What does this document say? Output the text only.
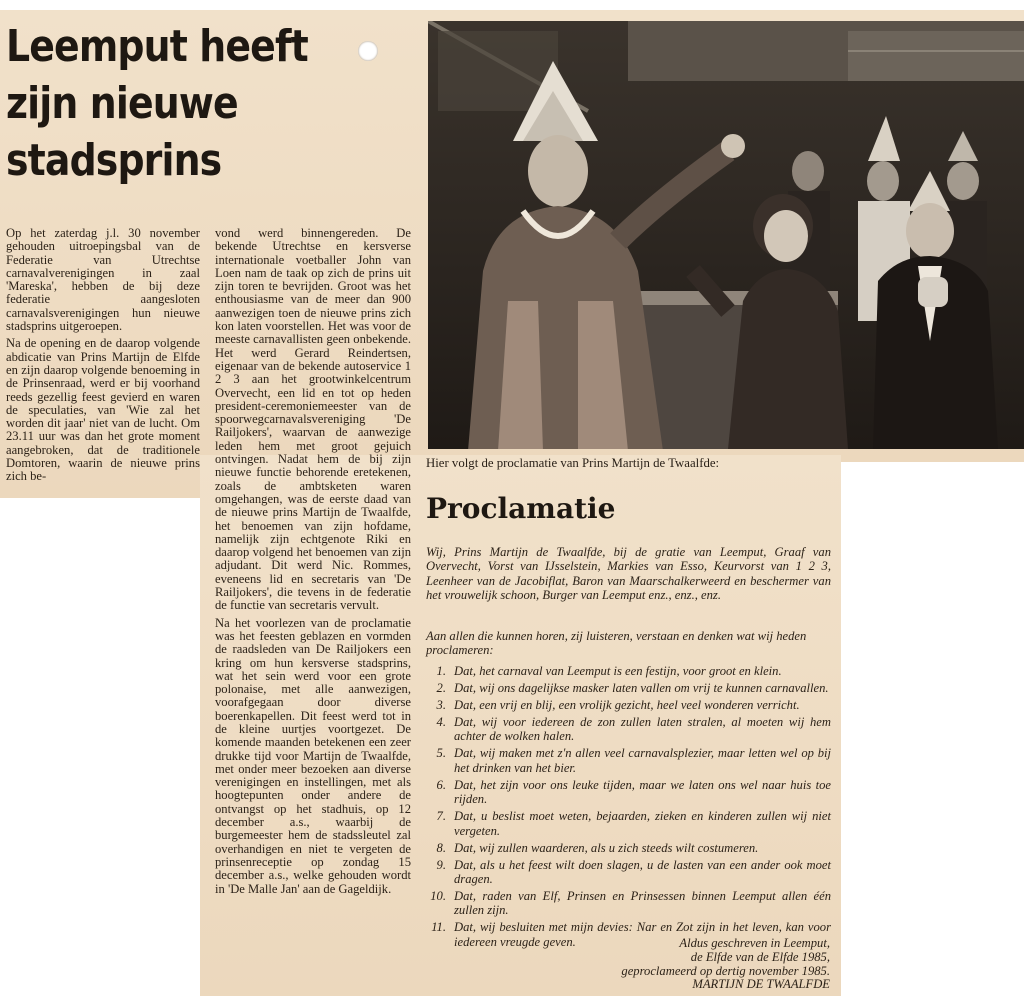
Leemput heeft
zijn nieuwe
stadsprins

Op het zaterdag j.l. 30 november gehouden uitroepingsbal van de Federatie van Utrechtse carnavalverenigingen in zaal 'Mareska', hebben de bij deze federatie aangesloten carnavalsverenigingen hun nieuwe stadsprins uitgeroepen.

Na de opening en de daarop volgende abdicatie van Prins Martijn de Elfde en zijn daarop volgende benoeming in de Prinsenraad, werd er bij voorhand reeds gezellig feest gevierd en waren de speculaties, van 'Wie zal het worden dit jaar' niet van de lucht. Om 23.11 uur was dan het grote moment aangebroken, dat de traditionele Domtoren, waarin de nieuwe prins zich be-

vond werd binnengereden. De bekende Utrechtse en kersverse internationale voetballer John van Loen nam de taak op zich de prins uit zijn toren te bevrijden. Groot was het enthousiasme van de meer dan 900 aanwezigen toen de nieuwe prins zich kon laten voorstellen. Het was voor de meeste carnavallisten geen onbekende. Het werd Gerard Reindertsen, eigenaar van de bekende autoservice 1 2 3 aan het grootwinkelcentrum Overvecht, een lid en tot op heden president-ceremoniemeester van de spoorwegcarnavalsvereniging 'De Railjokers', waarvan de aanwezige leden hem met groot gejuich ontvingen. Nadat hem de bij zijn nieuwe functie behorende eretekenen, zoals de ambtsketen waren omgehangen, was de eerste daad van de nieuwe prins Martijn de Twaalfde, het benoemen van zijn hofdame, namelijk zijn echtgenote Riki en daarop volgend het benoemen van zijn adjudant. Dit werd Nic. Rommes, eveneens lid en secretaris van 'De Railjokers', die tevens in de federatie de functie van secretaris vervult.

Na het voorlezen van de proclamatie was het feesten geblazen en vormden de raadsleden van De Railjokers een kring om hun kersverse stadsprins, wat het sein werd voor een grote polonaise, met alle aanwezigen, voorafgegaan door diverse boerenkapellen. Dit feest werd tot in de kleine uurtjes voortgezet. De komende maanden betekenen een zeer drukke tijd voor Martijn de Twaalfde, met onder meer bezoeken aan diverse verenigingen en instellingen, met als hoogtepunten onder andere de ontvangst op het stadhuis, op 12 december a.s., waarbij de burgemeester hem de stadssleutel zal overhandigen en niet te vergeten de prinsenreceptie op zondag 15 december a.s., welke gehouden wordt in 'De Malle Jan' aan de Gageldijk.

Hier volgt de proclamatie van Prins Martijn de Twaalfde:
Proclamatie
Wij, Prins Martijn de Twaalfde, bij de gratie van Leemput, Graaf van Overvecht, Vorst van IJsselstein, Markies van Esso, Keurvorst van 1 2 3, Leenheer van de Jacobiflat, Baron van Maarschalkerweerd en beschermer van het vrouwelijk schoon, Burger van Leemput enz., enz., enz.
Aan allen die kunnen horen, zij luisteren, verstaan en denken wat wij heden proclameren:
1. Dat, het carnaval van Leemput is een festijn, voor groot en klein.
2. Dat, wij ons dagelijkse masker laten vallen om vrij te kunnen carnavallen.
3. Dat, een vrij en blij, een vrolijk gezicht, heel veel wonderen verricht.
4. Dat, wij voor iedereen de zon zullen laten stralen, al moeten wij hem achter de wolken halen.
5. Dat, wij maken met z'n allen veel carnavalsplezier, maar letten wel op bij het drinken van het bier.
6. Dat, het zijn voor ons leuke tijden, maar we laten ons wel naar huis toe rijden.
7. Dat, u beslist moet weten, bejaarden, zieken en kinderen zullen wij niet vergeten.
8. Dat, wij zullen waarderen, als u zich steeds wilt costumeren.
9. Dat, als u het feest wilt doen slagen, u de lasten van een ander ook moet dragen.
10. Dat, raden van Elf, Prinsen en Prinsessen binnen Leemput allen één zullen zijn.
11. Dat, wij besluiten met mijn devies: Nar en Zot zijn in het leven, kan voor iedereen vreugde geven.	Aldus geschreven in Leemput,
de Elfde van de Elfde 1985,
geproclameerd op dertig november 1985.
MARTIJN DE TWAALFDE
